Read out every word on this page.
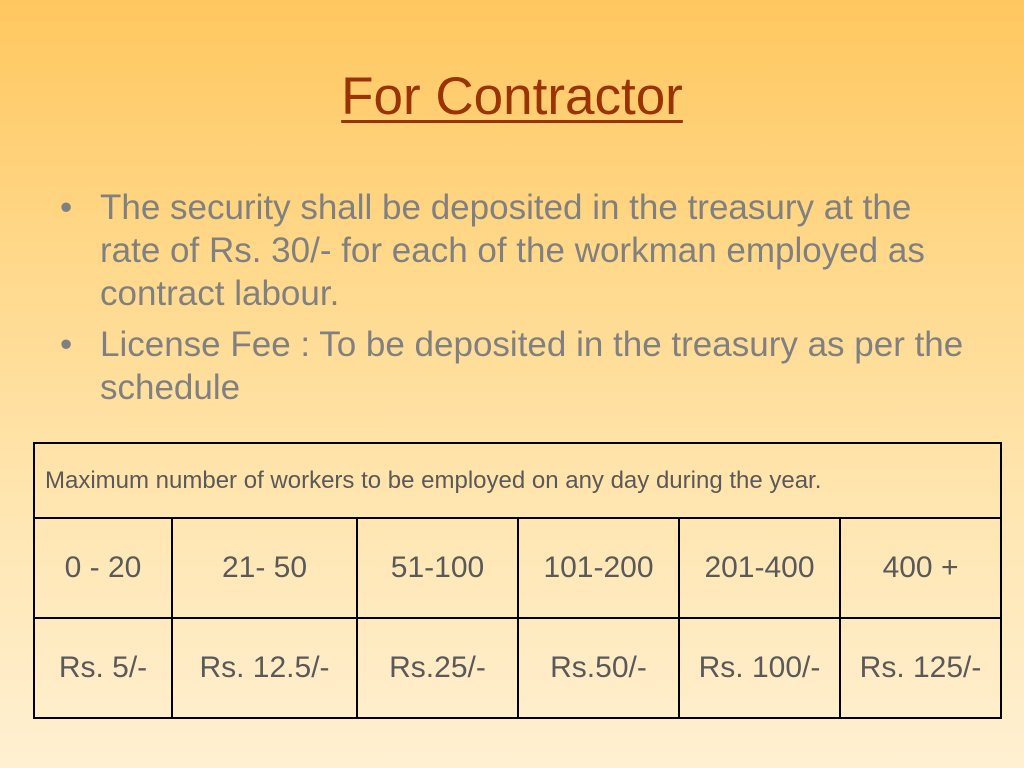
For Contractor
• The security shall be deposited in the treasury at the rate of Rs. 30/- for each of the workman employed as contract labour.
• License Fee : To be deposited in the treasury as per the schedule
Maximum number of workers to be employed on any day during the year.					
0 - 20	21- 50	51-100	101-200	201-400	400 +
Rs. 5/-	Rs. 12.5/-	Rs.25/-	Rs.50/-	Rs. 100/-	Rs. 125/-
